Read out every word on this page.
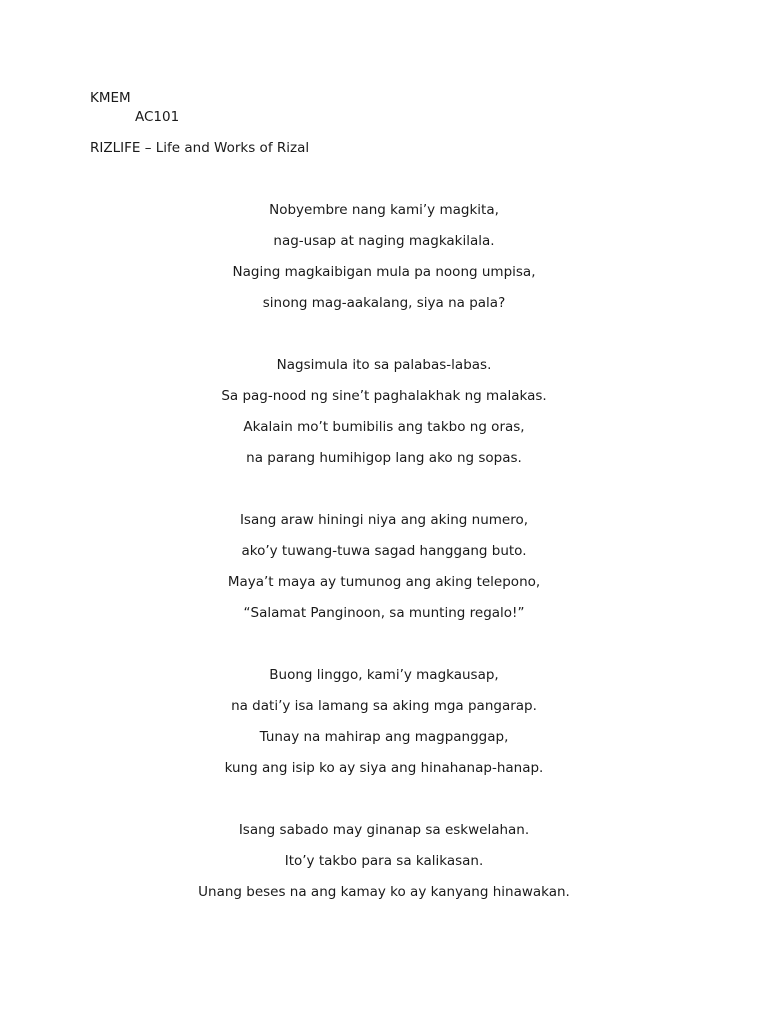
KMEM
AC101
RIZLIFE – Life and Works of Rizal
Nobyembre nang kami’y magkita,
nag-usap at naging magkakilala.
Naging magkaibigan mula pa noong umpisa,
sinong mag-aakalang, siya na pala?
Nagsimula ito sa palabas-labas.
Sa pag-nood ng sine’t paghalakhak ng malakas.
Akalain mo’t bumibilis ang takbo ng oras,
na parang humihigop lang ako ng sopas.
Isang araw hiningi niya ang aking numero,
ako’y tuwang-tuwa sagad hanggang buto.
Maya’t maya ay tumunog ang aking telepono,
“Salamat Panginoon, sa munting regalo!”
Buong linggo, kami’y magkausap,
na dati’y isa lamang sa aking mga pangarap.
Tunay na mahirap ang magpanggap,
kung ang isip ko ay siya ang hinahanap-hanap.
Isang sabado may ginanap sa eskwelahan.
Ito’y takbo para sa kalikasan.
Unang beses na ang kamay ko ay kanyang hinawakan.
